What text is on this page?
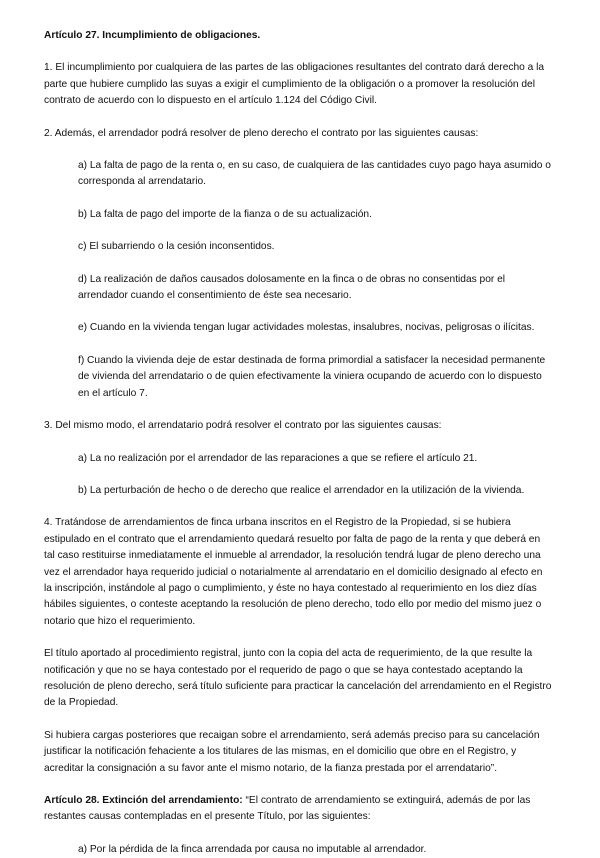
Artículo 27. Incumplimiento de obligaciones.

1. El incumplimiento por cualquiera de las partes de las obligaciones resultantes del contrato dará derecho a la parte que hubiere cumplido las suyas a exigir el cumplimiento de la obligación o a promover la resolución del contrato de acuerdo con lo dispuesto en el artículo 1.124 del Código Civil.

2. Además, el arrendador podrá resolver de pleno derecho el contrato por las siguientes causas:

a) La falta de pago de la renta o, en su caso, de cualquiera de las cantidades cuyo pago haya asumido o corresponda al arrendatario.

b) La falta de pago del importe de la fianza o de su actualización.

c) El subarriendo o la cesión inconsentidos.

d) La realización de daños causados dolosamente en la finca o de obras no consentidas por el arrendador cuando el consentimiento de éste sea necesario.

e) Cuando en la vivienda tengan lugar actividades molestas, insalubres, nocivas, peligrosas o ilícitas.

f) Cuando la vivienda deje de estar destinada de forma primordial a satisfacer la necesidad permanente de vivienda del arrendatario o de quien efectivamente la viniera ocupando de acuerdo con lo dispuesto en el artículo 7.

3. Del mismo modo, el arrendatario podrá resolver el contrato por las siguientes causas:

a) La no realización por el arrendador de las reparaciones a que se refiere el artículo 21.

b) La perturbación de hecho o de derecho que realice el arrendador en la utilización de la vivienda.

4. Tratándose de arrendamientos de finca urbana inscritos en el Registro de la Propiedad, si se hubiera estipulado en el contrato que el arrendamiento quedará resuelto por falta de pago de la renta y que deberá en tal caso restituirse inmediatamente el inmueble al arrendador, la resolución tendrá lugar de pleno derecho una vez el arrendador haya requerido judicial o notarialmente al arrendatario en el domicilio designado al efecto en la inscripción, instándole al pago o cumplimiento, y éste no haya contestado al requerimiento en los diez días hábiles siguientes, o conteste aceptando la resolución de pleno derecho, todo ello por medio del mismo juez o notario que hizo el requerimiento.

El título aportado al procedimiento registral, junto con la copia del acta de requerimiento, de la que resulte la notificación y que no se haya contestado por el requerido de pago o que se haya contestado aceptando la resolución de pleno derecho, será título suficiente para practicar la cancelación del arrendamiento en el Registro de la Propiedad.

Si hubiera cargas posteriores que recaigan sobre el arrendamiento, será además preciso para su cancelación justificar la notificación fehaciente a los titulares de las mismas, en el domicilio que obre en el Registro, y acreditar la consignación a su favor ante el mismo notario, de la fianza prestada por el arrendatario”.

Artículo 28. Extinción del arrendamiento: “El contrato de arrendamiento se extinguirá, además de por las restantes causas contempladas en el presente Título, por las siguientes:

a) Por la pérdida de la finca arrendada por causa no imputable al arrendador.
